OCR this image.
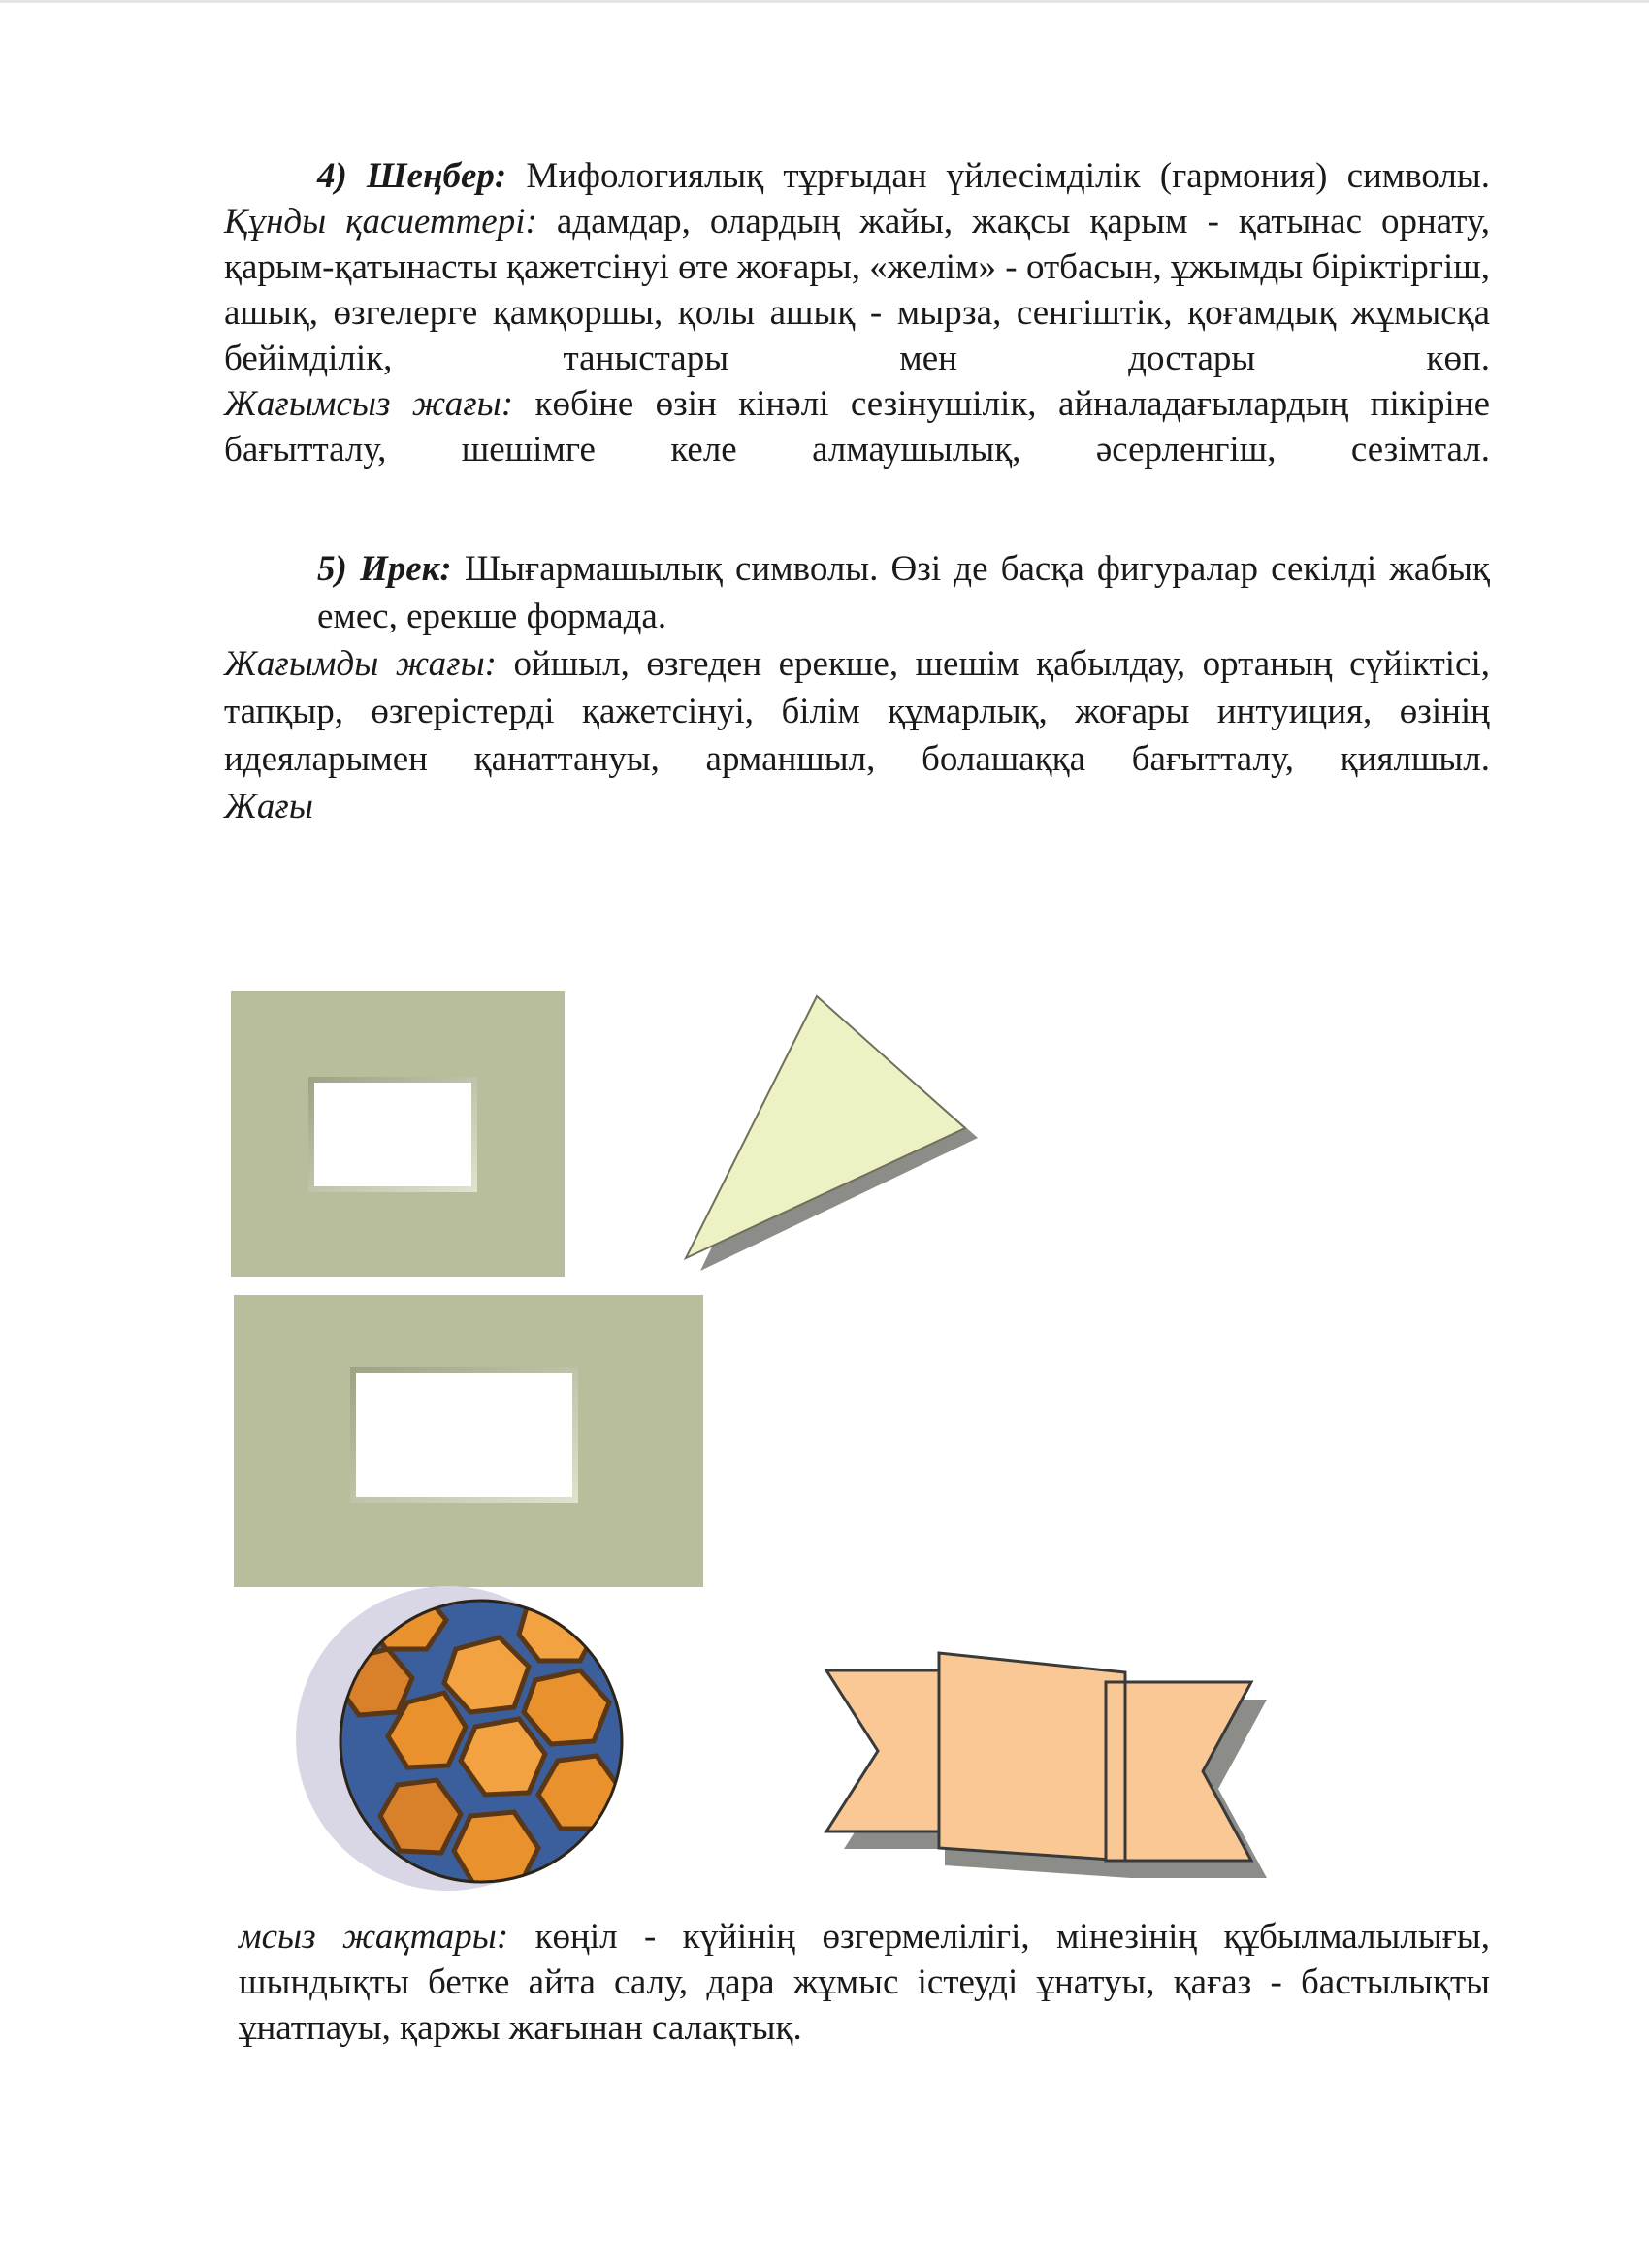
4) Шеңбер: Мифологиялық тұрғыдан үйлесімділік (гармония) символы.

Құнды қасиеттері: адамдар, олардың жайы, жақсы қарым - қатынас орнату, қарым-қатынасты қажетсінуі өте жоғары, «желім» - отбасын, ұжымды біріктіргіш, ашық, өзгелерге қамқоршы, қолы ашық - мырза, сенгіштік, қоғамдық жұмысқа бейімділік, таныстары мен достары көп.

Жағымсыз жағы: көбіне өзін кінәлі сезінушілік, айналадағылардың пікіріне бағытталу, шешімге келе алмаушылық, әсерленгіш, сезімтал.

5) Ирек: Шығармашылық символы. Өзі де басқа фигуралар секілді жабық емес, ерекше формада.

Жағымды жағы: ойшыл, өзгеден ерекше, шешім қабылдау, ортаның сүйіктісі, тапқыр, өзгерістерді қажетсінуі, білім құмарлық, жоғары интуиция, өзінің идеяларымен қанаттануы, арманшыл, болашаққа бағытталу, қиялшыл.

Жағы

мсыз жақтары: көңіл - күйінің өзгермелілігі, мінезінің құбылмалылығы, шындықты бетке айта салу, дара жұмыс істеуді ұнатуы, қағаз - бастылықты ұнатпауы, қаржы жағынан салақтық.
